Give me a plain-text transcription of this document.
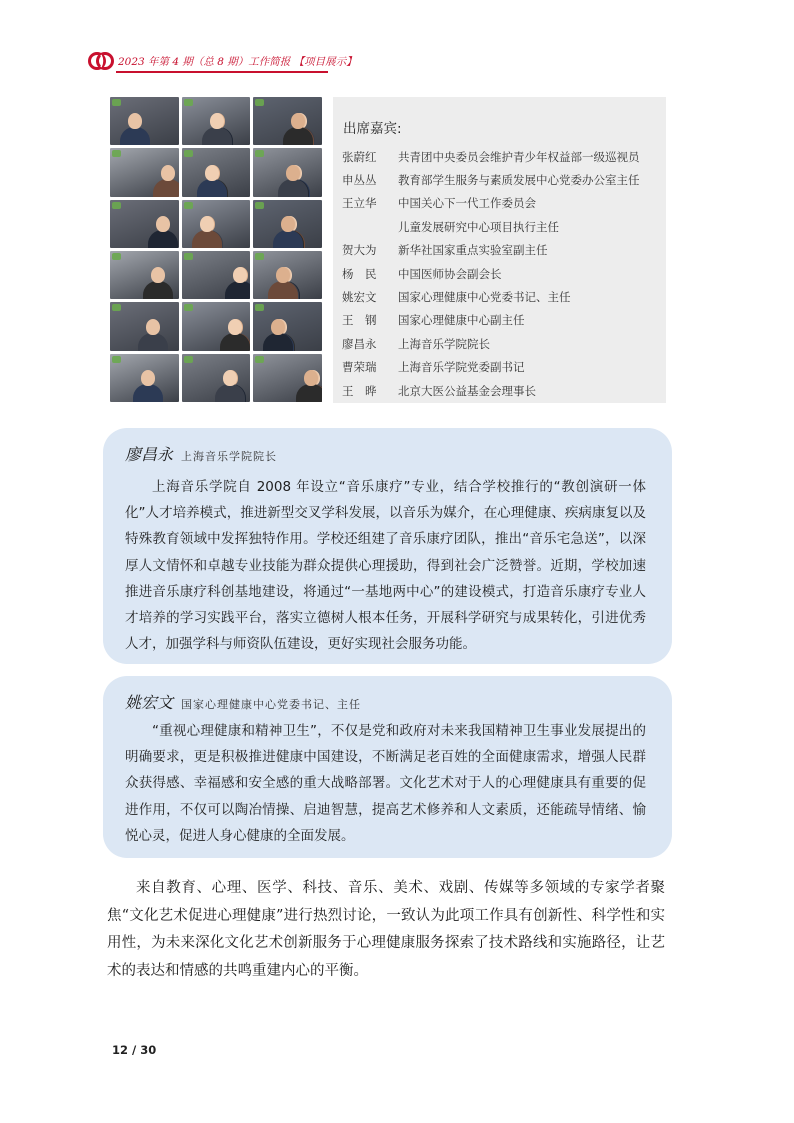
2023 年第 4 期（总 8 期）工作简报 【项目展示】
出席嘉宾:
张蔚红	共青团中央委员会维护青少年权益部一级巡视员
申丛丛	教育部学生服务与素质发展中心党委办公室主任
王立华	中国关心下一代工作委员会
儿童发展研究中心项目执行主任
贺大为	新华社国家重点实验室副主任
杨　民	中国医师协会副会长
姚宏文	国家心理健康中心党委书记、主任
王　钢	国家心理健康中心副主任
廖昌永	上海音乐学院院长
曹荣瑞	上海音乐学院党委副书记
王　晔	北京大医公益基金会理事长
廖昌永 上海音乐学院院长
上海音乐学院自 2008 年设立“音乐康疗”专业，结合学校推行的“教创演研一体化”人才培养模式，推进新型交叉学科发展，以音乐为媒介，在心理健康、疾病康复以及特殊教育领域中发挥独特作用。学校还组建了音乐康疗团队，推出“音乐宅急送”，以深厚人文情怀和卓越专业技能为群众提供心理援助，得到社会广泛赞誉。近期，学校加速推进音乐康疗科创基地建设，将通过“一基地两中心”的建设模式，打造音乐康疗专业人才培养的学习实践平台，落实立德树人根本任务，开展科学研究与成果转化，引进优秀人才，加强学科与师资队伍建设，更好实现社会服务功能。
姚宏文 国家心理健康中心党委书记、主任
“重视心理健康和精神卫生”，不仅是党和政府对未来我国精神卫生事业发展提出的明确要求，更是积极推进健康中国建设，不断满足老百姓的全面健康需求，增强人民群众获得感、幸福感和安全感的重大战略部署。文化艺术对于人的心理健康具有重要的促进作用，不仅可以陶冶情操、启迪智慧，提高艺术修养和人文素质，还能疏导情绪、愉悦心灵，促进人身心健康的全面发展。
来自教育、心理、医学、科技、音乐、美术、戏剧、传媒等多领域的专家学者聚焦“文化艺术促进心理健康”进行热烈讨论，一致认为此项工作具有创新性、科学性和实用性，为未来深化文化艺术创新服务于心理健康服务探索了技术路线和实施路径，让艺术的表达和情感的共鸣重建内心的平衡。
12 / 30
